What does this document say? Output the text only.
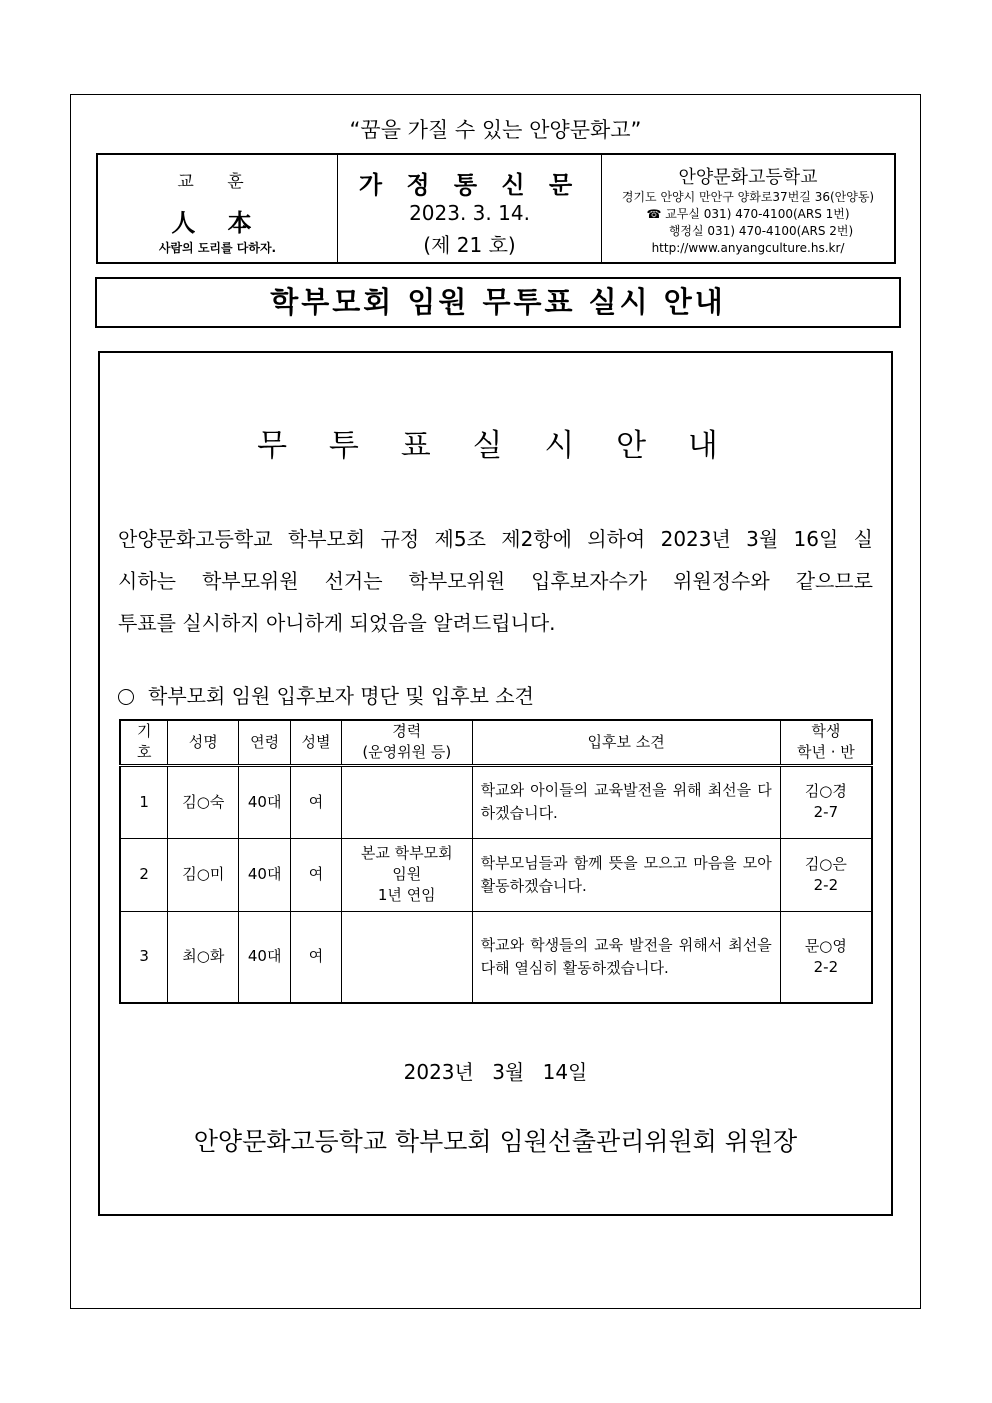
“꿈을 가질 수 있는 안양문화고”
교 훈
人 本
사람의 도리를 다하자.
가 정 통 신 문
2023. 3. 14.
(제 21 호)
안양문화고등학교
경기도 안양시 만안구 양화로37번길 36(안양동)
☎ 교무실 031) 470-4100(ARS 1번)
행정실 031) 470-4100(ARS 2번)
http://www.anyangculture.hs.kr/
학부모회 임원 무투표 실시 안내
무 투 표 실 시 안 내
안양문화고등학교 학부모회 규정 제5조 제2항에 의하여 2023년 3월 16일 실
시하는 학부모위원 선거는 학부모위원 입후보자수가 위원정수와 같으므로
투표를 실시하지 아니하게 되었음을 알려드립니다.
학부모회 임원 입후보자 명단 및 입후보 소견
기
호	성명	연령	성별	경력
(운영위원 등)	입후보 소견	학생
학년 · 반
1	김○숙	40대	여		학교와 아이들의 교육발전을 위해 최선을 다하겠습니다.	김○경
2-7
2	김○미	40대	여	본교 학부모회
임원
1년 연임	학부모님들과 함께 뜻을 모으고 마음을 모아 활동하겠습니다.	김○은
2-2
3	최○화	40대	여		학교와 학생들의 교육 발전을 위해서 최선을 다해 열심히 활동하겠습니다.	문○영
2-2
2023년 3월 14일
안양문화고등학교 학부모회 임원선출관리위원회 위원장
